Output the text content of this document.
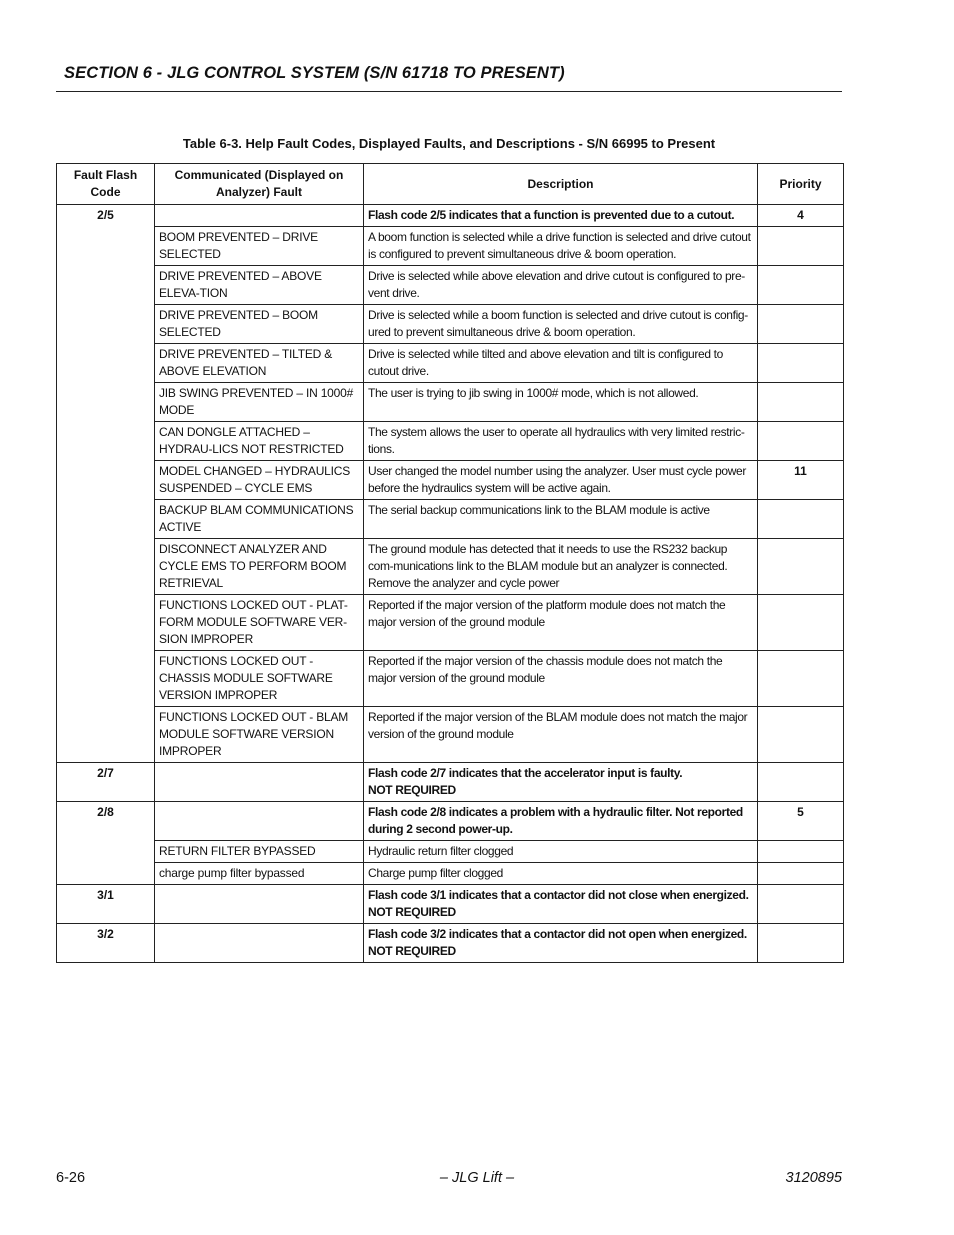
SECTION 6 - JLG CONTROL SYSTEM (S/N 61718 TO PRESENT)
Table 6-3. Help Fault Codes, Displayed Faults, and Descriptions - S/N 66995 to Present
Fault Flash Code	Communicated (Displayed on Analyzer) Fault	Description	Priority
2/5		Flash code 2/5 indicates that a function is prevented due to a cutout.	4
	BOOM PREVENTED – DRIVE SELECTED	A boom function is selected while a drive function is selected and drive cutout is configured to prevent simultaneous drive & boom operation.	
	DRIVE PREVENTED – ABOVE ELEVA-TION	Drive is selected while above elevation and drive cutout is configured to pre-vent drive.	
	DRIVE PREVENTED – BOOM SELECTED	Drive is selected while a boom function is selected and drive cutout is config-ured to prevent simultaneous drive & boom operation.	
	DRIVE PREVENTED – TILTED & ABOVE ELEVATION	Drive is selected while tilted and above elevation and tilt is configured to cutout drive.	
	JIB SWING PREVENTED – IN 1000# MODE	The user is trying to jib swing in 1000# mode, which is not allowed.	
	CAN DONGLE ATTACHED – HYDRAU-LICS NOT RESTRICTED	The system allows the user to operate all hydraulics with very limited restric-tions.	
	MODEL CHANGED – HYDRAULICS SUSPENDED – CYCLE EMS	User changed the model number using the analyzer. User must cycle power before the hydraulics system will be active again.	11
	BACKUP BLAM COMMUNICATIONS ACTIVE	The serial backup communications link to the BLAM module is active	
	DISCONNECT ANALYZER AND CYCLE EMS TO PERFORM BOOM RETRIEVAL	The ground module has detected that it needs to use the RS232 backup com-munications link to the BLAM module but an analyzer is connected. Remove the analyzer and cycle power	
	FUNCTIONS LOCKED OUT - PLAT-FORM MODULE SOFTWARE VER-SION IMPROPER	Reported if the major version of the platform module does not match the major version of the ground module	
	FUNCTIONS LOCKED OUT - CHASSIS MODULE SOFTWARE VERSION IMPROPER	Reported if the major version of the chassis module does not match the major version of the ground module	
	FUNCTIONS LOCKED OUT - BLAM MODULE SOFTWARE VERSION IMPROPER	Reported if the major version of the BLAM module does not match the major version of the ground module	
2/7		Flash code 2/7 indicates that the accelerator input is faulty.
NOT REQUIRED	

2/8		Flash code 2/8 indicates a problem with a hydraulic filter. Not reported during 2 second power-up.	5
	RETURN FILTER BYPASSED	Hydraulic return filter clogged	
	charge pump filter bypassed	Charge pump filter clogged	
3/1		Flash code 3/1 indicates that a contactor did not close when energized.
NOT REQUIRED	

3/2		Flash code 3/2 indicates that a contactor did not open when energized.
NOT REQUIRED	

6-26	– JLG Lift –	3120895
